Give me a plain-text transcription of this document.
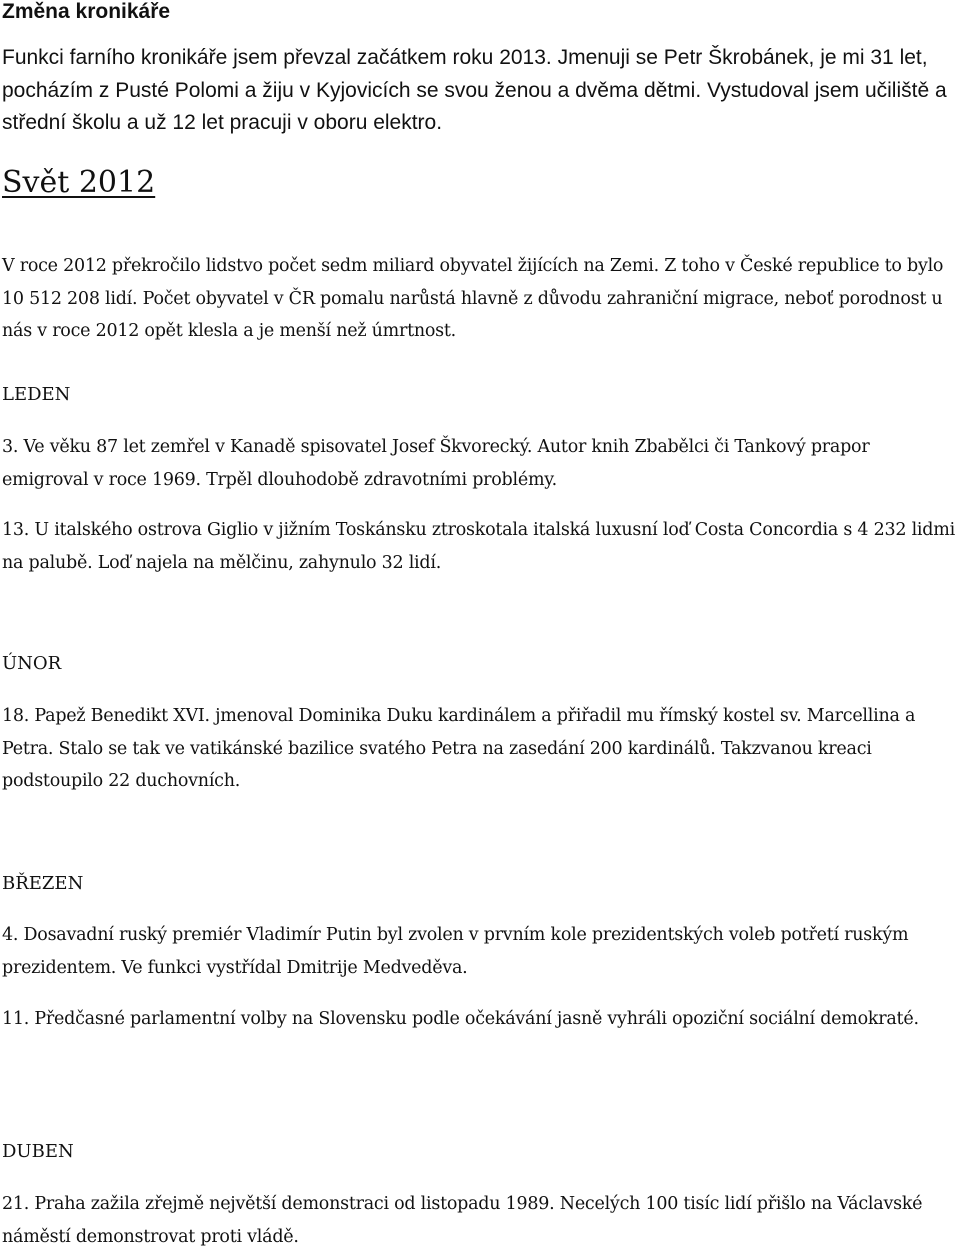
Změna kronikáře
Funkci farního kronikáře jsem převzal začátkem roku 2013. Jmenuji se Petr Škrobánek, je mi 31 let, pocházím z Pusté Polomi a žiju v Kyjovicích se svou ženou a dvěma dětmi. Vystudoval jsem učiliště a střední školu a už 12 let pracuji v oboru elektro.
Svět 2012
V roce 2012 překročilo lidstvo počet sedm miliard obyvatel žijících na Zemi. Z toho v České republice to bylo 10 512 208 lidí. Počet obyvatel v ČR pomalu narůstá hlavně z důvodu zahraniční migrace, neboť porodnost u nás v roce 2012 opět klesla a je menší než úmrtnost.
LEDEN
3. Ve věku 87 let zemřel v Kanadě spisovatel Josef Škvorecký. Autor knih Zbabělci či Tankový prapor emigroval v roce 1969. Trpěl dlouhodobě zdravotními problémy.
13. U italského ostrova Giglio v jižním Toskánsku ztroskotala italská luxusní loď Costa Concordia s 4 232 lidmi na palubě. Loď najela na mělčinu, zahynulo 32 lidí.
ÚNOR
18. Papež Benedikt XVI. jmenoval Dominika Duku kardinálem a přiřadil mu římský kostel sv. Marcellina a Petra. Stalo se tak ve vatikánské bazilice svatého Petra na zasedání 200 kardinálů. Takzvanou kreaci podstoupilo 22 duchovních.
BŘEZEN
4. Dosavadní ruský premiér Vladimír Putin byl zvolen v prvním kole prezidentských voleb potřetí ruským prezidentem. Ve funkci vystřídal Dmitrije Medveděva.
11. Předčasné parlamentní volby na Slovensku podle očekávání jasně vyhráli opoziční sociální demokraté.
DUBEN
21. Praha zažila zřejmě největší demonstraci od listopadu 1989. Necelých 100 tisíc lidí přišlo na Václavské náměstí demonstrovat proti vládě.
